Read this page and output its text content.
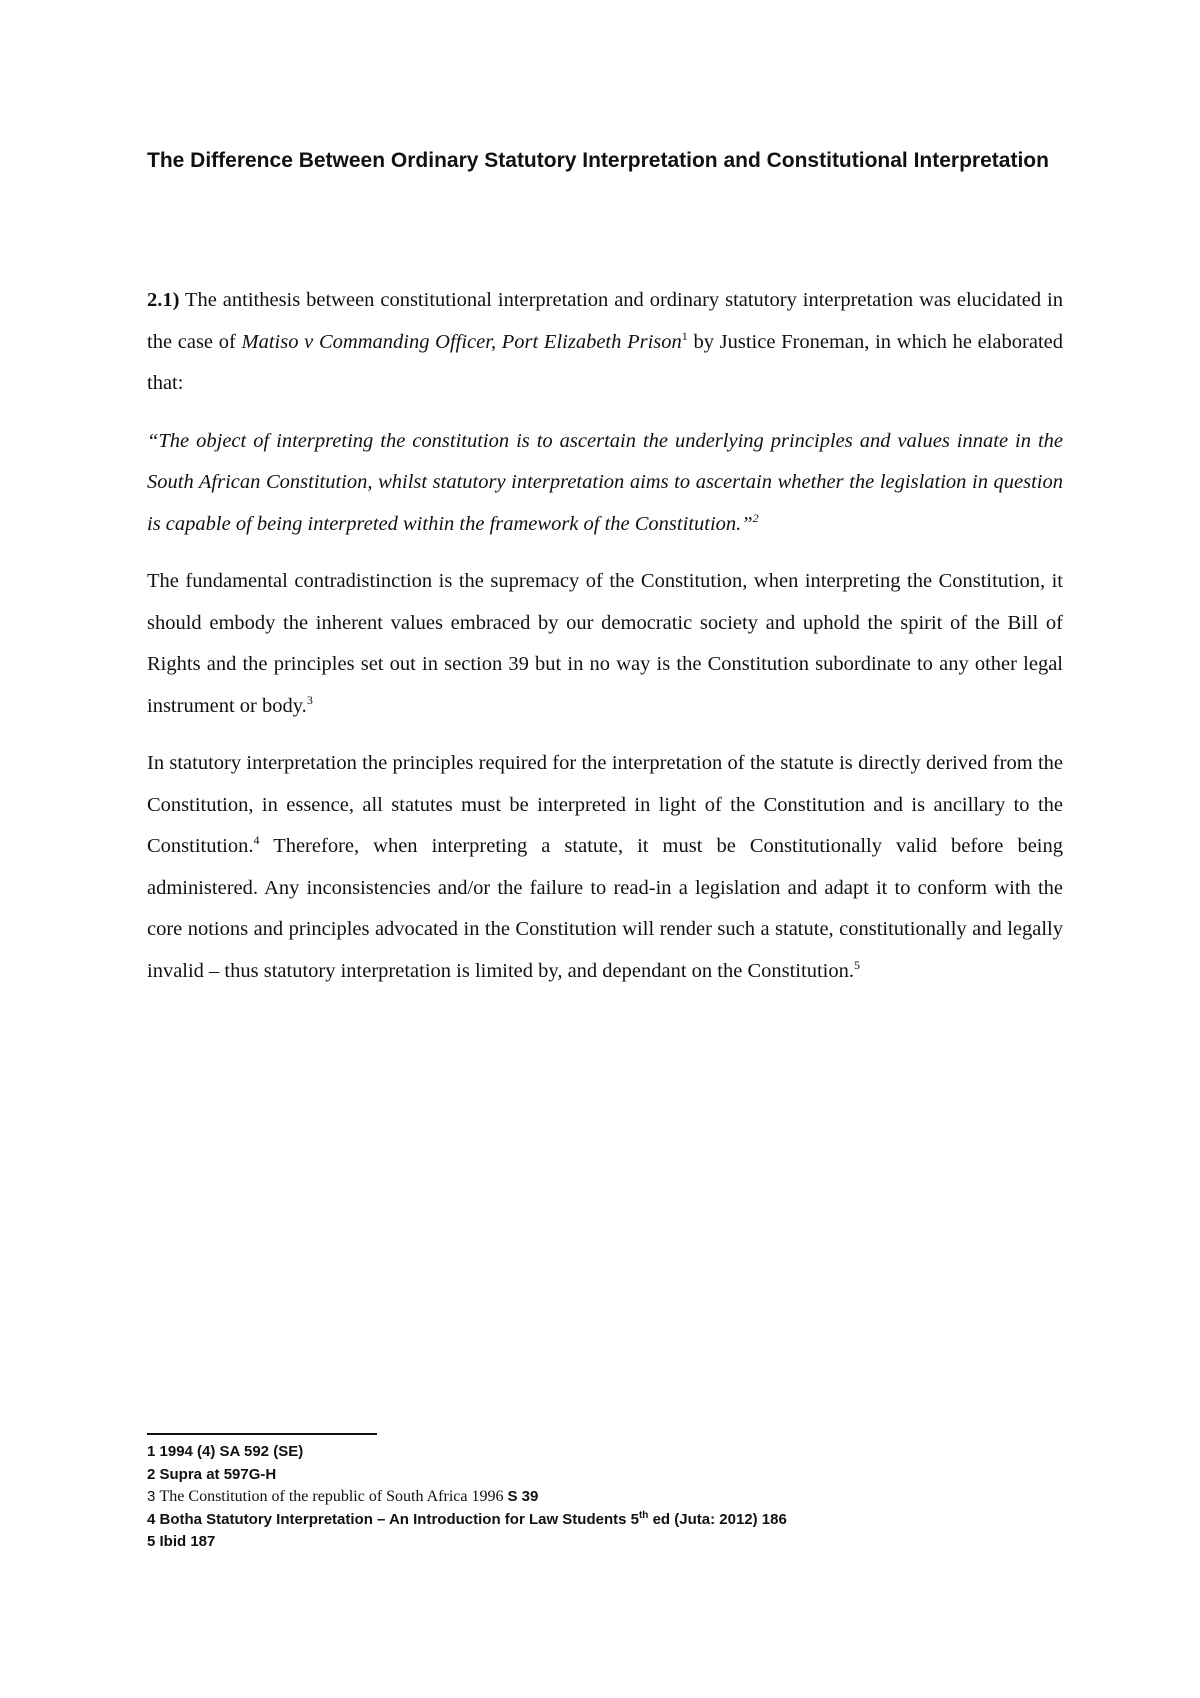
The Difference Between Ordinary Statutory Interpretation and Constitutional Interpretation

2.1) The antithesis between constitutional interpretation and ordinary statutory interpretation was elucidated in the case of Matiso v Commanding Officer, Port Elizabeth Prison$^1$ by Justice Froneman, in which he elaborated that:

“The object of interpreting the constitution is to ascertain the underlying principles and values innate in the South African Constitution, whilst statutory interpretation aims to ascertain whether the legislation in question is capable of being interpreted within the framework of the Constitution.”$^2$

The fundamental contradistinction is the supremacy of the Constitution, when interpreting the Constitution, it should embody the inherent values embraced by our democratic society and uphold the spirit of the Bill of Rights and the principles set out in section 39 but in no way is the Constitution subordinate to any other legal instrument or body.$^3$

In statutory interpretation the principles required for the interpretation of the statute is directly derived from the Constitution, in essence, all statutes must be interpreted in light of the Constitution and is ancillary to the Constitution.$^4$ Therefore, when interpreting a statute, it must be Constitutionally valid before being administered. Any inconsistencies and/or the failure to read-in a legislation and adapt it to conform with the core notions and principles advocated in the Constitution will render such a statute, constitutionally and legally invalid – thus statutory interpretation is limited by, and dependant on the Constitution.$^5$

1 1994 (4) SA 592 (SE)

2 Supra at 597G-H

3 The Constitution of the republic of South Africa 1996 S 39

4 Botha Statutory Interpretation – An Introduction for Law Students 5th ed (Juta: 2012) 186

5 Ibid 187
